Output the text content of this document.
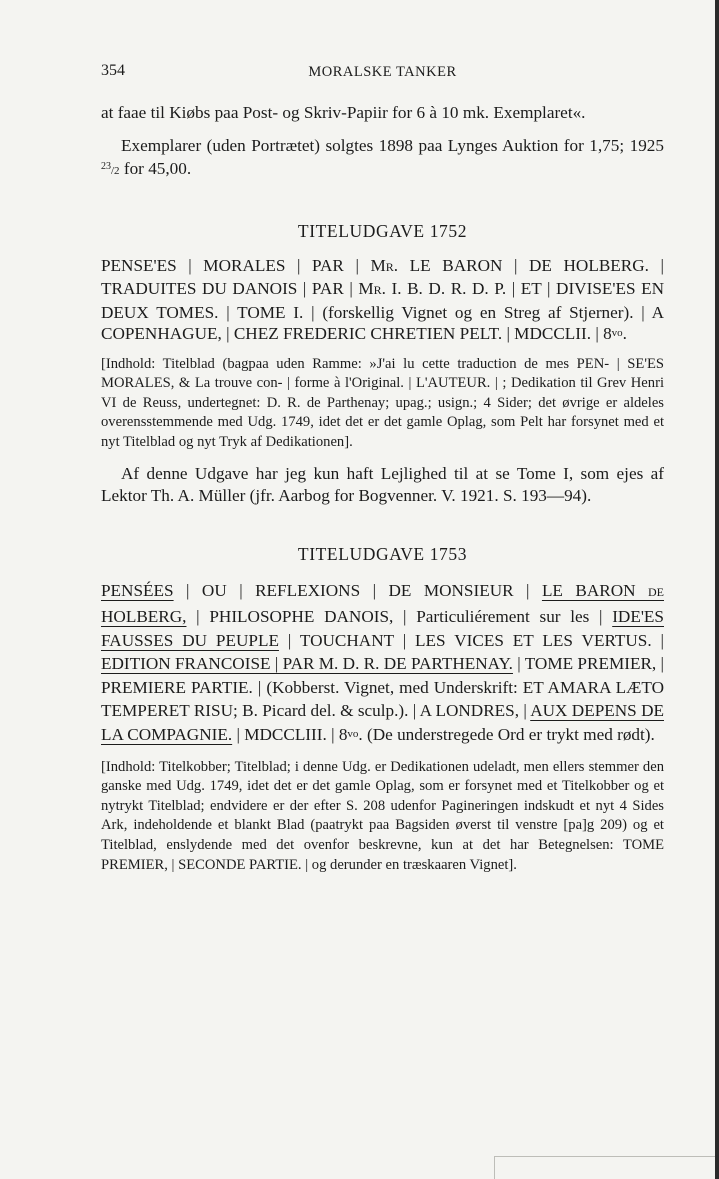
354	MORALSKE TANKER

at faae til Kiøbs paa Post- og Skriv-Papiir for 6 à 10 mk. Exemplaret«.

Exemplarer (uden Portrætet) solgtes 1898 paa Lynges Auktion for 1,75; 1925 $^{23}$/2 for 45,00.

TITELUDGAVE 1752

PENSE'ES | MORALES | PAR | MR. LE BARON | DE HOLBERG. | TRADUITES DU DANOIS | PAR | MR. I. B. D. R. D. P. | ET | DIVISE'ES EN DEUX TOMES. | TOME I. | (forskellig Vignet og en Streg af Stjerner). | A COPENHAGUE, | CHEZ FREDERIC CHRETIEN PELT. | MDCCLII. | 8vo.

[Indhold: Titelblad (bagpaa uden Ramme: »J'ai lu cette traduction de mes PEN- | SE'ES MORALES, & La trouve con- | forme à l'Original. | L'AUTEUR. | ; Dedikation til Grev Henri VI de Reuss, undertegnet: D. R. de Parthenay; upag.; usign.; 4 Sider; det øvrige er aldeles overensstemmende med Udg. 1749, idet det er det gamle Oplag, som Pelt har forsynet med et nyt Titelblad og nyt Tryk af Dedikationen].

Af denne Udgave har jeg kun haft Lejlighed til at se Tome I, som ejes af Lektor Th. A. Müller (jfr. Aarbog for Bogvenner. V. 1921. S. 193—94).

TITELUDGAVE 1753

PENSÉES | OU | REFLEXIONS | DE MONSIEUR | LE BARON DE HOLBERG, | PHILOSOPHE DANOIS, | Particuliérement sur les | IDE'ES FAUSSES DU PEUPLE | TOUCHANT | LES VICES ET LES VERTUS. | EDITION FRANCOISE | PAR M. D. R. DE PARTHENAY. | TOME PREMIER, | PREMIERE PARTIE. | (Kobberst. Vignet, med Underskrift: ET AMARA LÆTO TEMPERET RISU; B. Picard del. & sculp.). | A LONDRES, | AUX DEPENS DE LA COMPAGNIE. | MDCCLIII. | 8vo. (De understregede Ord er trykt med rødt).

[Indhold: Titelkobber; Titelblad; i denne Udg. er Dedikationen udeladt, men ellers stemmer den ganske med Udg. 1749, idet det er det gamle Oplag, som er forsynet med et Titelkobber og et nytrykt Titelblad; endvidere er der efter S. 208 udenfor Pagineringen indskudt et nyt 4 Sides Ark, indeholdende et blankt Blad (paatrykt paa Bagsiden øverst til venstre [pa]g 209) og et Titelblad, enslydende med det ovenfor beskrevne, kun at det har Betegnelsen: TOME PREMIER, | SECONDE PARTIE. | og derunder en træskaaren Vignet].
